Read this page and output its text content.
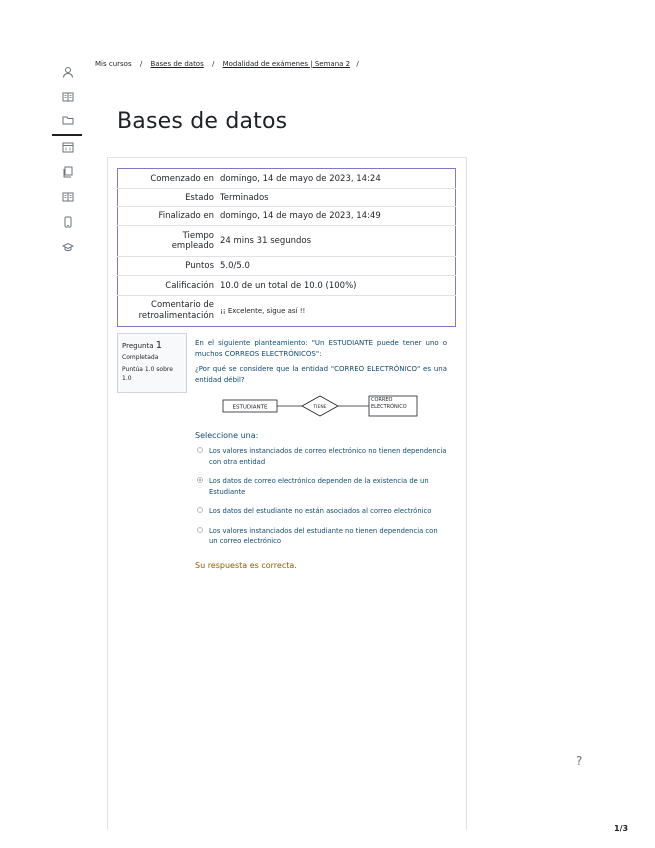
Mis cursos / Bases de datos / Modalidad de exámenes | Semana 2 /
Bases de datos
Comenzado en	domingo, 14 de mayo de 2023, 14:24
Estado	Terminados
Finalizado en	domingo, 14 de mayo de 2023, 14:49
Tiempo empleado	24 mins 31 segundos
Puntos	5.0/5.0
Calificación	10.0 de un total de 10.0 (100%)
Comentario de retroalimentación	¡¡ Excelente, sigue así !!
Pregunta 1
Completada
Puntúa 1.0 sobre 1.0

En el siguiente planteamiento: "Un ESTUDIANTE puede tener uno o muchos CORREOS ELECTRÓNICOS":

¿Por qué se considere que la entidad "CORREO ELECTRÓNICO" es una entidad débil?

ESTUDIANTE	TIENE
CORREO ELECTRÓNICO
Seleccione una:
Los valores instanciados de correo electrónico no tienen dependencia con otra entidad
Los datos de correo electrónico dependen de la existencia de un Estudiante
Los datos del estudiante no están asociados al correo electrónico
Los valores instanciados del estudiante no tienen dependencia con un correo electrónico
Su respuesta es correcta.
?
1/3
